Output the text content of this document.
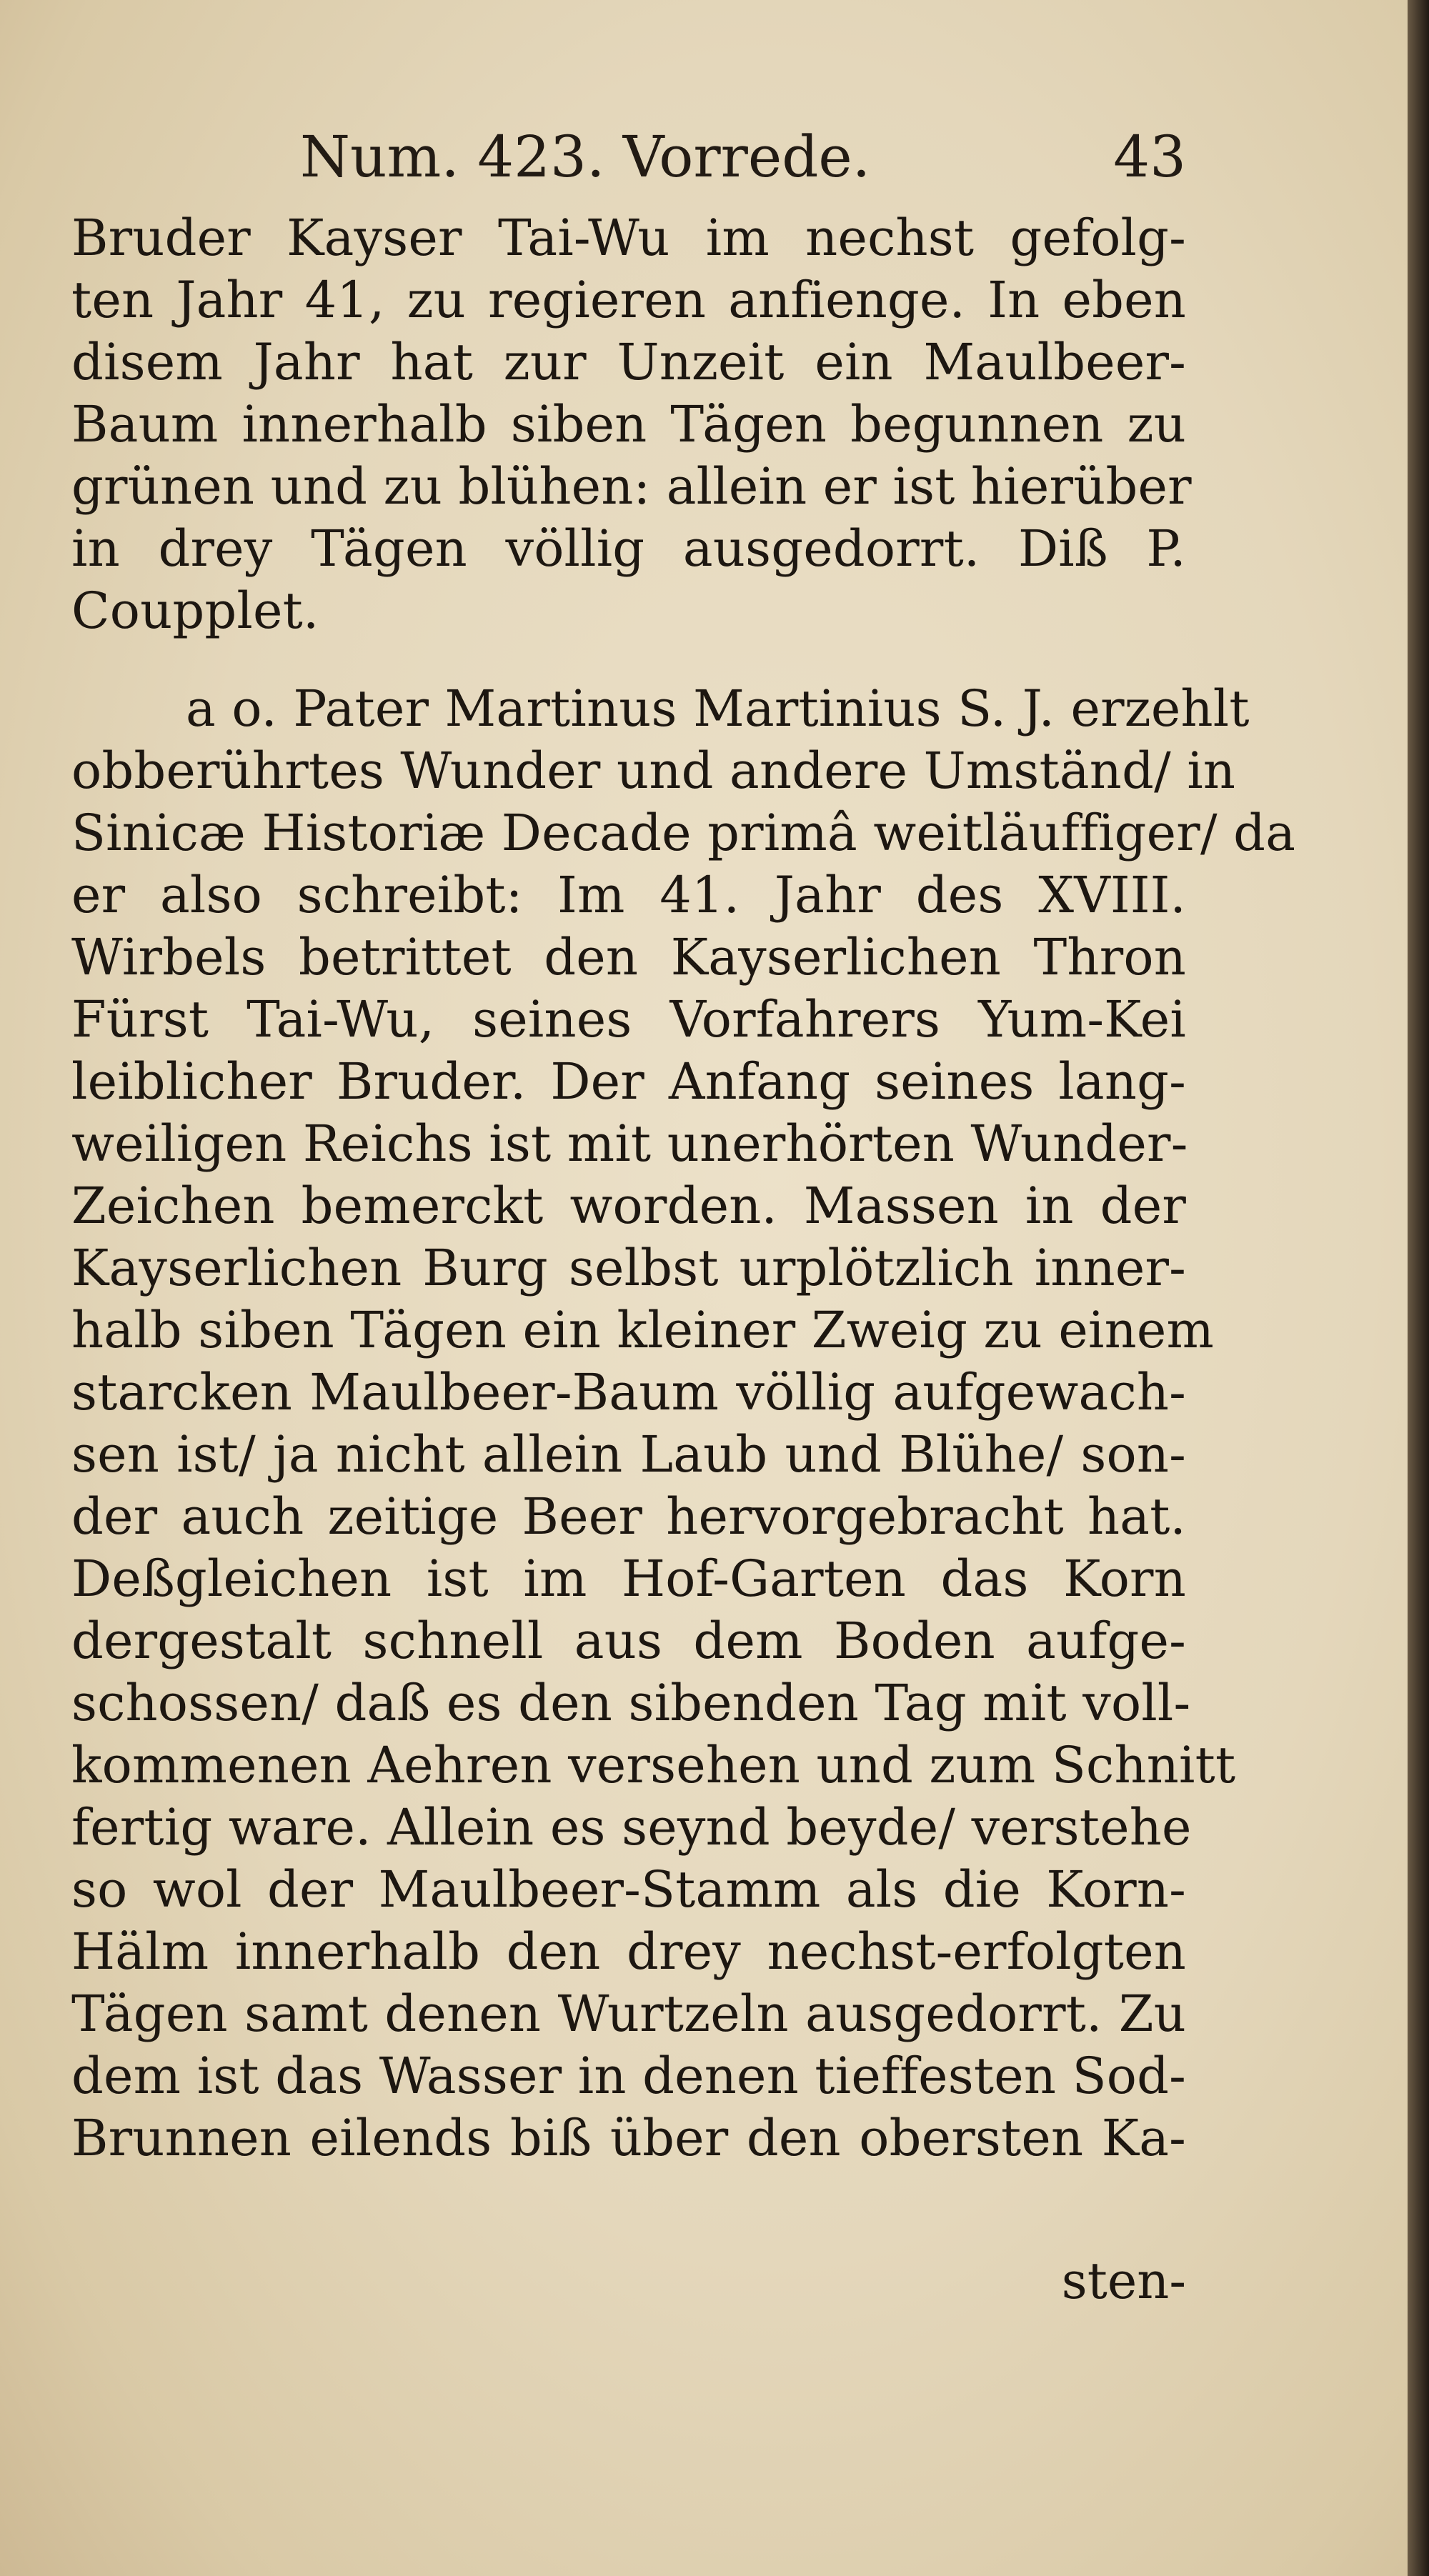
Num. 423. Vorrede.	43
Bruder Kayser Tai-Wu im nechst gefolg-
ten Jahr 41, zu regieren anfienge. In eben
disem Jahr hat zur Unzeit ein Maulbeer-
Baum innerhalb siben Tägen begunnen zu
grünen und zu blühen: allein er ist hierüber
in drey Tägen völlig ausgedorrt. Diß P.
Coupplet.
a o. Pater Martinus Martinius S. J. erzehlt
obberührtes Wunder und andere Umständ/ in
Sinicæ Historiæ Decade primâ weitläuffiger/ da
er also schreibt: Im 41. Jahr des XVIII.
Wirbels betrittet den Kayserlichen Thron
Fürst Tai-Wu, seines Vorfahrers Yum-Kei
leiblicher Bruder. Der Anfang seines lang-
weiligen Reichs ist mit unerhörten Wunder-
Zeichen bemerckt worden. Massen in der
Kayserlichen Burg selbst urplötzlich inner-
halb siben Tägen ein kleiner Zweig zu einem
starcken Maulbeer-Baum völlig aufgewach-
sen ist/ ja nicht allein Laub und Blühe/ son-
der auch zeitige Beer hervorgebracht hat.
Deßgleichen ist im Hof-Garten das Korn
dergestalt schnell aus dem Boden aufge-
schossen/ daß es den sibenden Tag mit voll-
kommenen Aehren versehen und zum Schnitt
fertig ware. Allein es seynd beyde/ verstehe
so wol der Maulbeer-Stamm als die Korn-
Hälm innerhalb den drey nechst-erfolgten
Tägen samt denen Wurtzeln ausgedorrt. Zu
dem ist das Wasser in denen tieffesten Sod-
Brunnen eilends biß über den obersten Ka-
sten-
